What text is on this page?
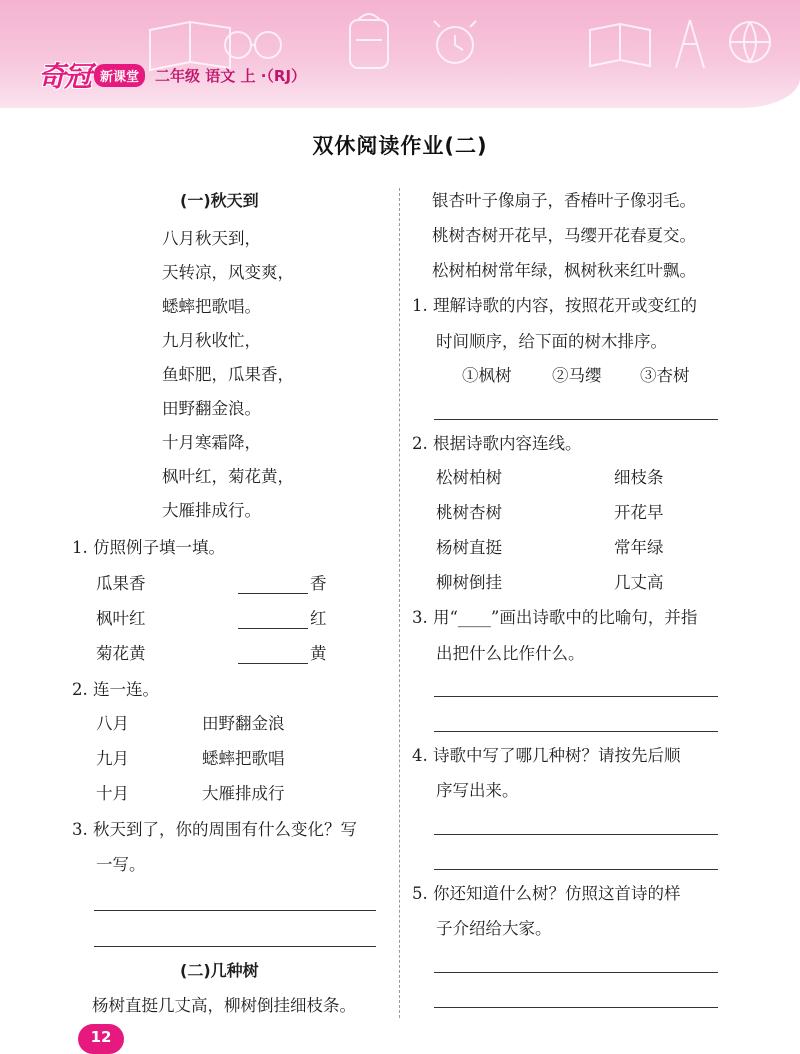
奇冠 新课堂	二年级 语文 上 ·（RJ）
双休阅读作业(二)
(一)秋天到
八月秋天到，
天转凉，风变爽，
蟋蟀把歌唱。
九月秋收忙，
鱼虾肥，瓜果香，
田野翻金浪。
十月寒霜降，
枫叶红，菊花黄，
大雁排成行。
1. 仿照例子填一填。
瓜果香	香
枫叶红	红
菊花黄	黄
2. 连一连。
八月	田野翻金浪
九月	蟋蟀把歌唱
十月	大雁排成行
3. 秋天到了，你的周围有什么变化？写
一写。
(二)几种树
杨树直挺几丈高，柳树倒挂细枝条。
银杏叶子像扇子，香椿叶子像羽毛。
桃树杏树开花早，马缨开花春夏交。
松树柏树常年绿，枫树秋来红叶飘。
1. 理解诗歌的内容，按照花开或变红的
时间顺序，给下面的树木排序。
①枫树 ②马缨 ③杏树
2. 根据诗歌内容连线。
松树柏树	细枝条
桃树杏树	开花早
杨树直挺	常年绿
柳树倒挂	几丈高
3. 用“____”画出诗歌中的比喻句，并指
出把什么比作什么。
4. 诗歌中写了哪几种树？请按先后顺
序写出来。
5. 你还知道什么树？仿照这首诗的样
子介绍给大家。
12
